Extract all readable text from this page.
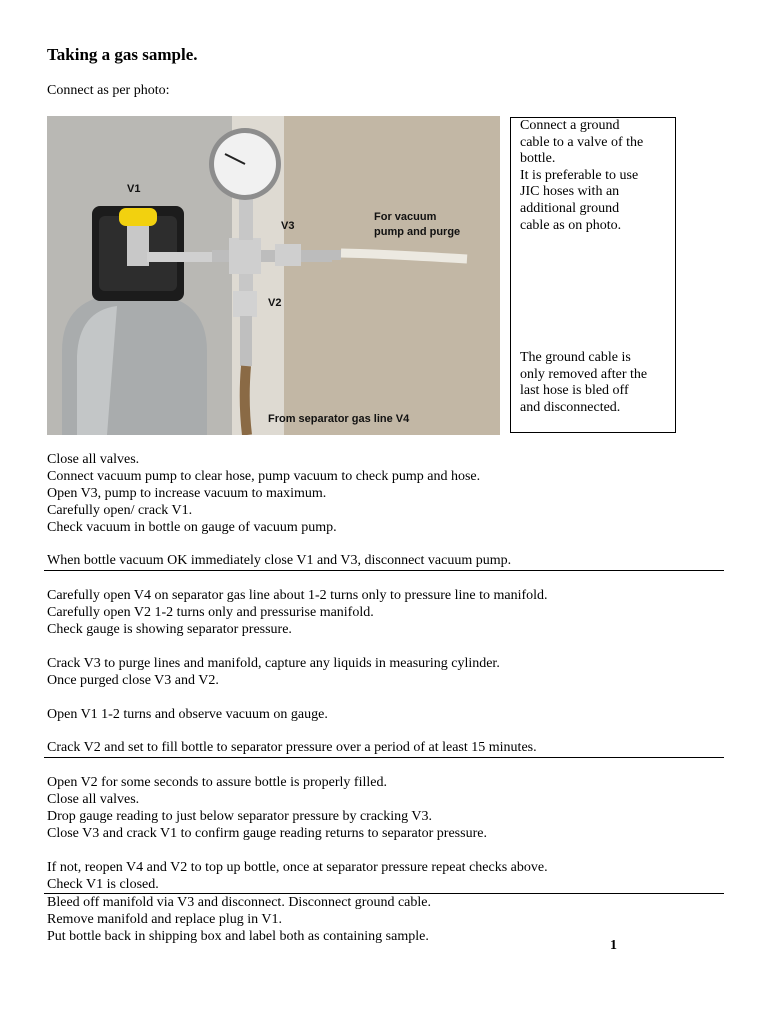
Taking a gas sample.
Connect as per photo:
V1
V3
V2
For vacuum
pump and purge
From separator gas line V4
Connect a ground
cable to a valve of the
bottle.
It is preferable to use
JIC hoses with an
additional ground
cable as on photo.
The ground cable is
only removed after the
last hose is bled off
and disconnected.
Close all valves.
Connect vacuum pump to clear hose, pump vacuum to check pump and hose.
Open V3, pump to increase vacuum to maximum.
Carefully open/ crack V1.
Check vacuum in bottle on gauge of vacuum pump.
When bottle vacuum OK immediately close V1 and V3, disconnect vacuum pump.
Carefully open V4 on separator gas line about 1-2 turns only to pressure line to manifold.
Carefully open V2 1-2 turns only and pressurise manifold.
Check gauge is showing separator pressure.
Crack V3 to purge lines and manifold, capture any liquids in measuring cylinder.
Once purged close V3 and V2.
Open V1 1-2 turns and observe vacuum on gauge.
Crack V2 and set to fill bottle to separator pressure over a period of at least 15 minutes.
Open V2 for some seconds to assure bottle is properly filled.
Close all valves.
Drop gauge reading to just below separator pressure by cracking V3.
Close V3 and crack V1 to confirm gauge reading returns to separator pressure.
If not, reopen V4 and V2 to top up bottle, once at separator pressure repeat checks above.
Check V1 is closed.
Bleed off manifold via V3 and disconnect. Disconnect ground cable.
Remove manifold and replace plug in V1.
Put bottle back in shipping box and label both as containing sample.
1
